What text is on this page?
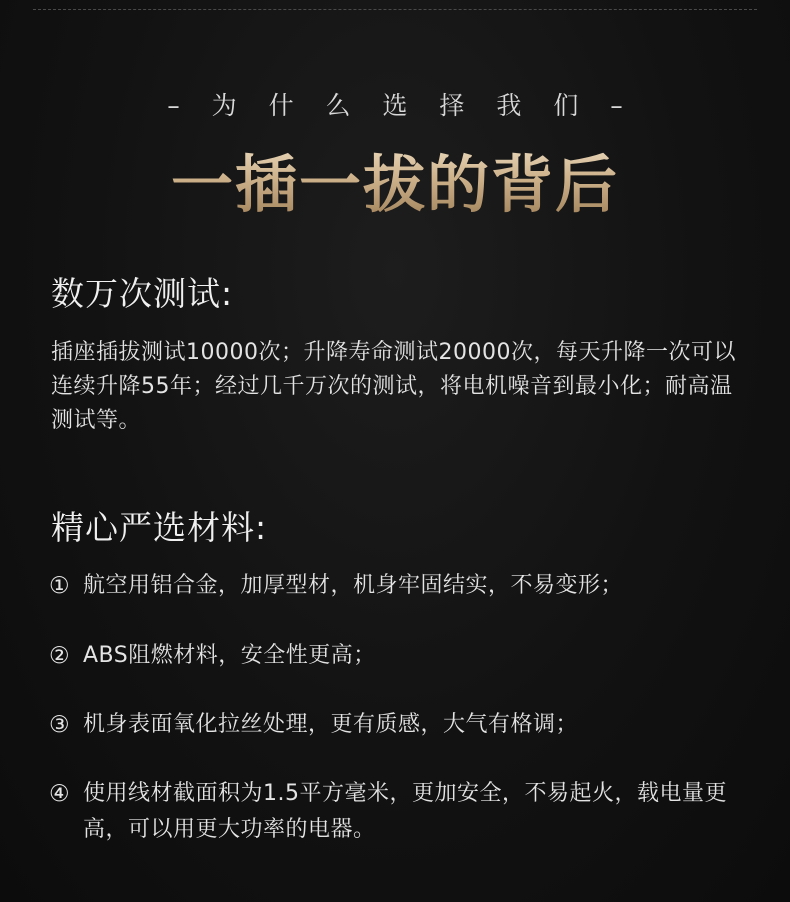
– 为 什 么 选 择 我 们 –
一插一拔的背后
数万次测试:
插座插拔测试10000次；升降寿命测试20000次，每天升降一次可以连续升降55年；经过几千万次的测试，将电机噪音到最小化；耐高温测试等。
精心严选材料:
① 航空用铝合金，加厚型材，机身牢固结实，不易变形；
② ABS阻燃材料，安全性更高；
③ 机身表面氧化拉丝处理，更有质感，大气有格调；
④ 使用线材截面积为1.5平方毫米，更加安全，不易起火，载电量更高，可以用更大功率的电器。
